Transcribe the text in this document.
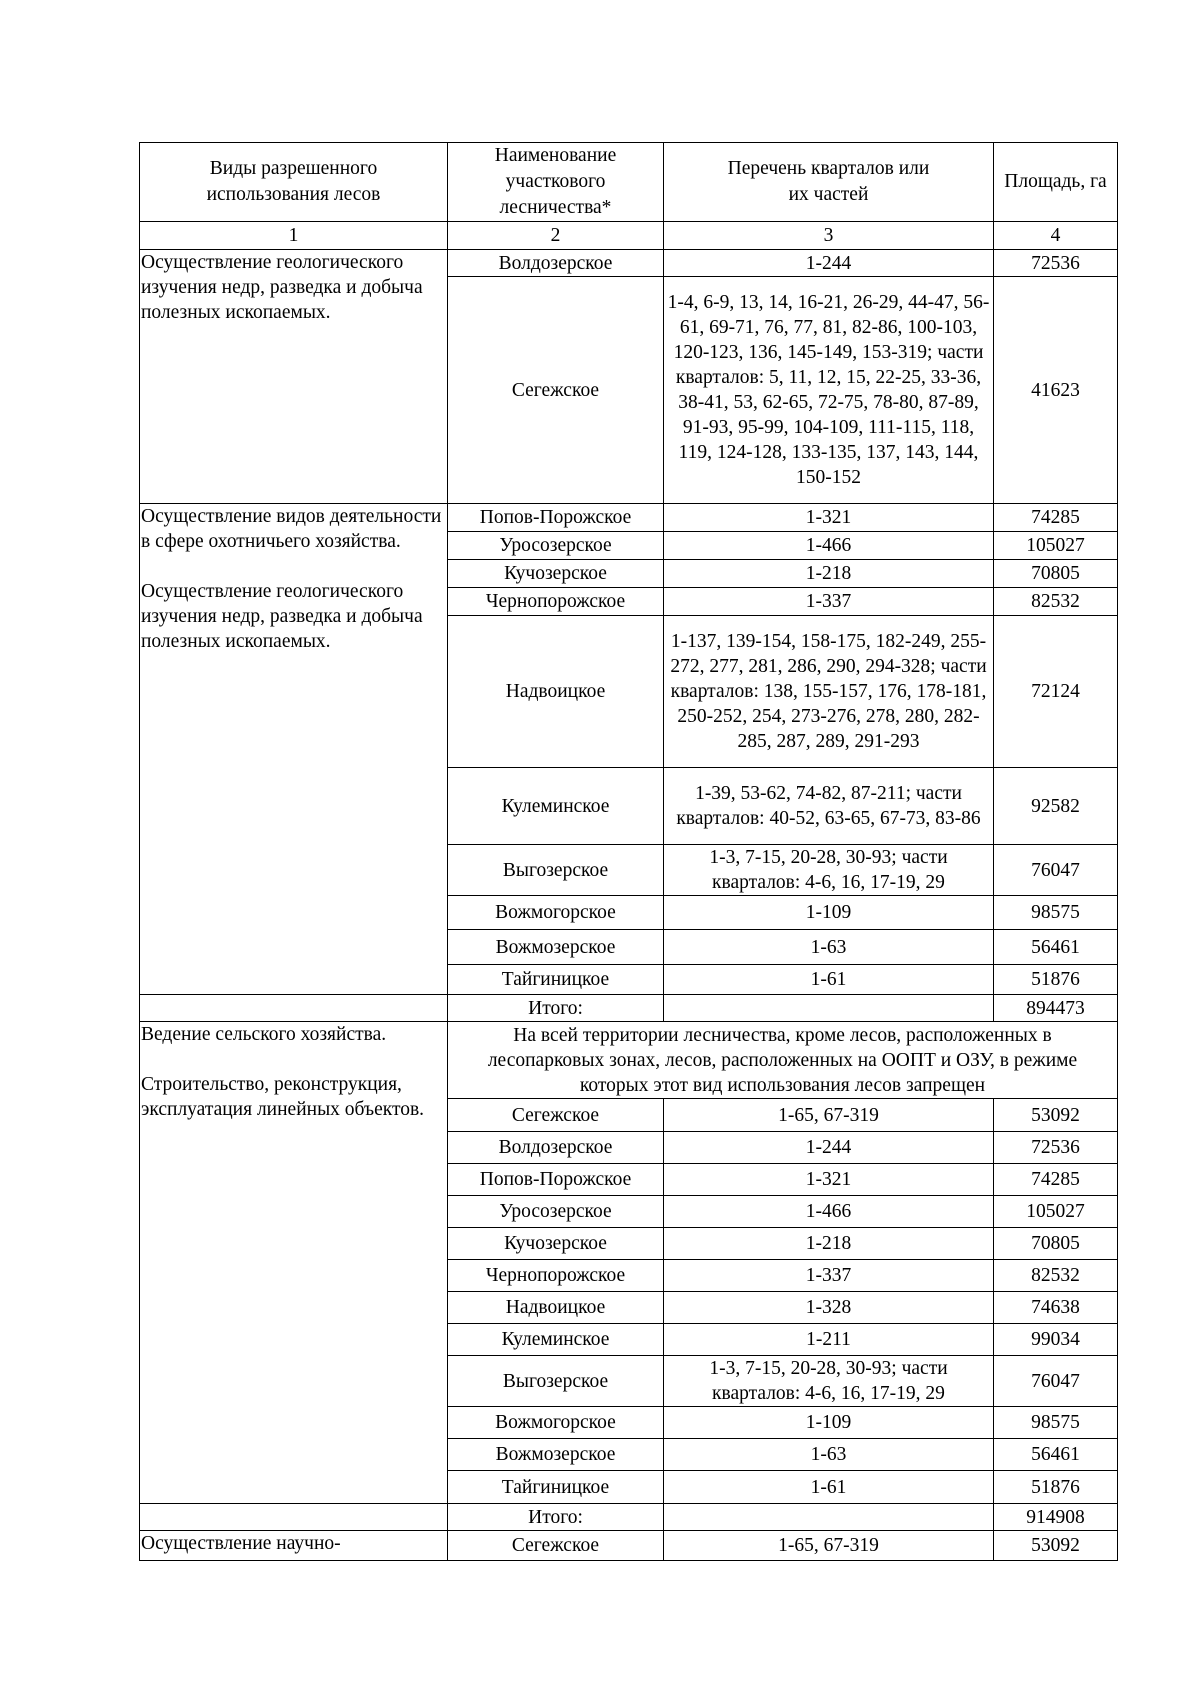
Виды разрешенного использования лесов	Наименование участкового лесничества*	Перечень кварталов или их частей	Площадь, га
1	2	3	4

Осуществление геологического изучения недр, разведка и добыча полезных ископаемых.	Волдозерское	1-244	72536
	Сегежское	1-4, 6-9, 13, 14, 16-21, 26-29, 44-47, 56-61, 69-71, 76, 77, 81, 82-86, 100-103, 120-123, 136, 145-149, 153-319; части кварталов: 5, 11, 12, 15, 22-25, 33-36, 38-41, 53, 62-65, 72-75, 78-80, 87-89, 91-93, 95-99, 104-109, 111-115, 118, 119, 124-128, 133-135, 137, 143, 144, 150-152	41623

Осуществление видов деятельности в сфере охотничьего хозяйства.
Осуществление геологического изучения недр, разведка и добыча полезных ископаемых.	Попов-Порожское	1-321	74285
	Уросозерское	1-466	105027
	Кучозерское	1-218	70805
	Чернопорожское	1-337	82532
	Надвоицкое	1-137, 139-154, 158-175, 182-249, 255-272, 277, 281, 286, 290, 294-328; части кварталов: 138, 155-157, 176, 178-181, 250-252, 254, 273-276, 278, 280, 282-285, 287, 289, 291-293	72124
	Кулеминское	1-39, 53-62, 74-82, 87-211; части кварталов: 40-52, 63-65, 67-73, 83-86	92582
	Выгозерское	1-3, 7-15, 20-28, 30-93; части кварталов: 4-6, 16, 17-19, 29	76047
	Вожмогорское	1-109	98575
	Вожмозерское	1-63	56461
	Тайгиницкое	1-61	51876
	Итого:		894473

Ведение сельского хозяйства.
Строительство, реконструкция, эксплуатация линейных объектов.	На всей территории лесничества, кроме лесов, расположенных в лесопарковых зонах, лесов, расположенных на ООПТ и ОЗУ, в режиме которых этот вид использования лесов запрещен		
	Сегежское	1-65, 67-319	53092
	Волдозерское	1-244	72536
	Попов-Порожское	1-321	74285
	Уросозерское	1-466	105027
	Кучозерское	1-218	70805
	Чернопорожское	1-337	82532
	Надвоицкое	1-328	74638
	Кулеминское	1-211	99034
	Выгозерское	1-3, 7-15, 20-28, 30-93; части кварталов: 4-6, 16, 17-19, 29	76047
	Вожмогорское	1-109	98575
	Вожмозерское	1-63	56461
	Тайгиницкое	1-61	51876
	Итого:		914908

Осуществление научно-	Сегежское	1-65, 67-319	53092
